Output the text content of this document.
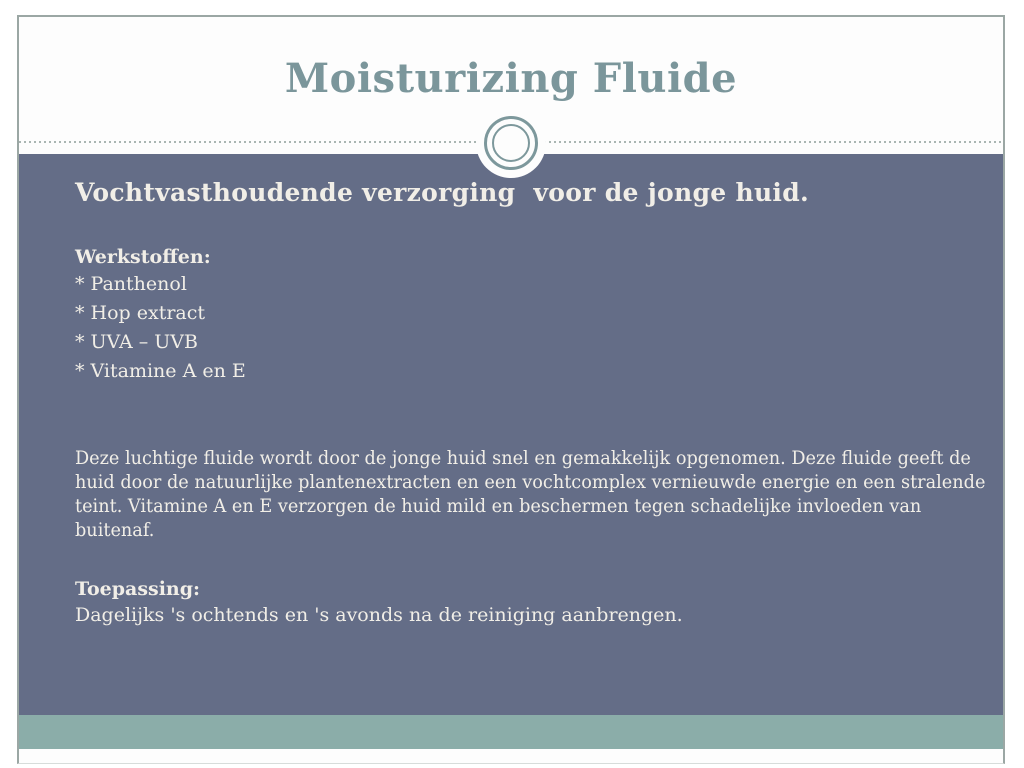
Moisturizing Fluide
Vochtvasthoudende verzorging  voor de jonge huid.
Werkstoffen:
* Panthenol
* Hop extract
* UVA – UVB
* Vitamine A en E
Deze luchtige fluide wordt door de jonge huid snel en gemakkelijk opgenomen. Deze fluide geeft de
huid door de natuurlijke plantenextracten en een vochtcomplex vernieuwde energie en een stralende
teint. Vitamine A en E verzorgen de huid mild en beschermen tegen schadelijke invloeden van
buitenaf.
Toepassing:
Dagelijks 's ochtends en 's avonds na de reiniging aanbrengen.
